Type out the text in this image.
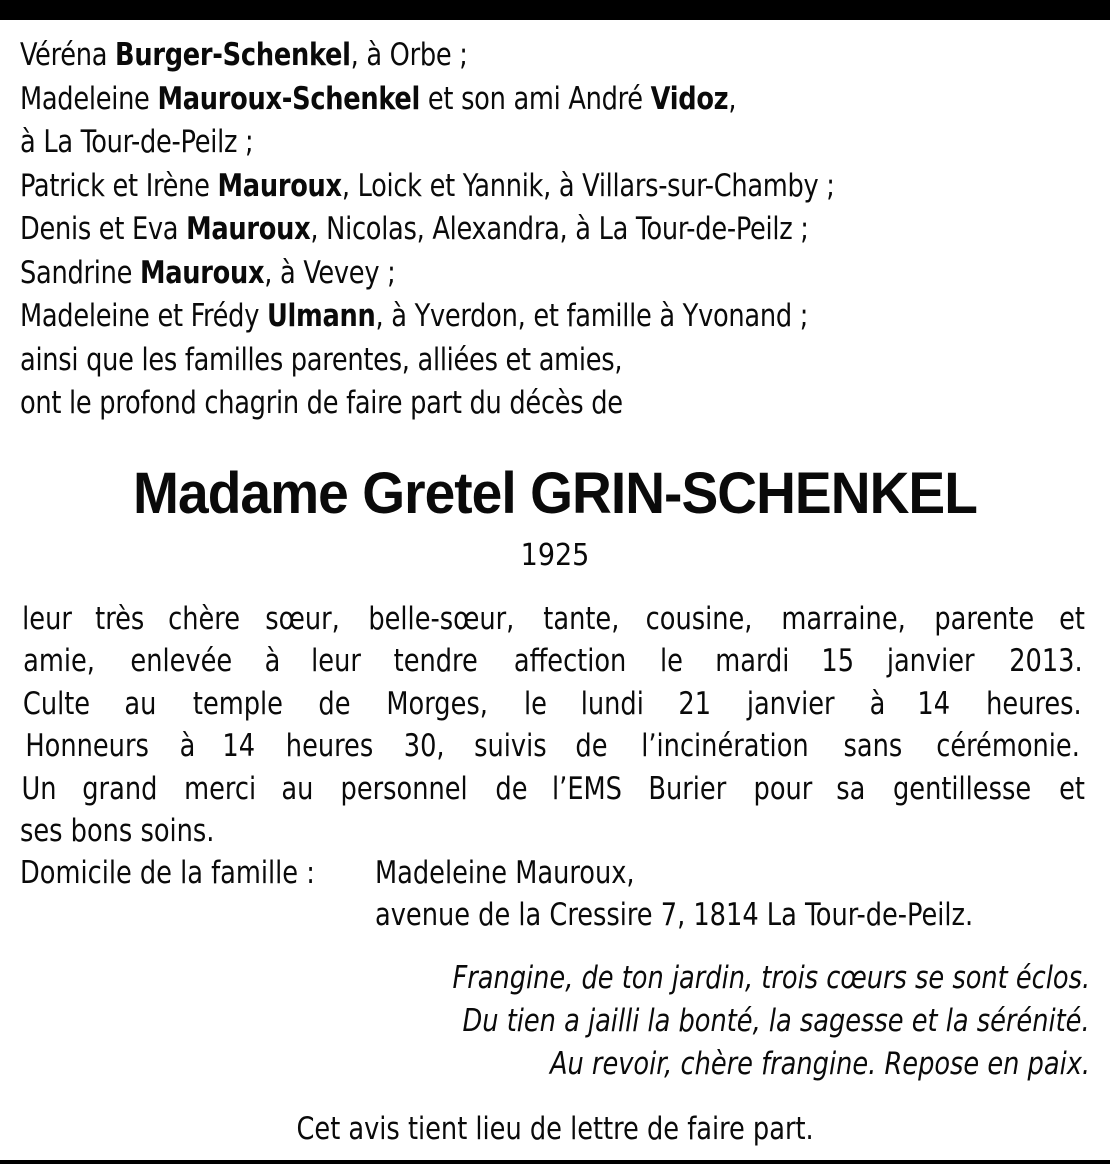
Véréna Burger-Schenkel, à Orbe ;
Madeleine Mauroux-Schenkel et son ami André Vidoz,
à La Tour-de-Peilz ;
Patrick et Irène Mauroux, Loick et Yannik, à Villars-sur-Chamby ;
Denis et Eva Mauroux, Nicolas, Alexandra, à La Tour-de-Peilz ;
Sandrine Mauroux, à Vevey ;
Madeleine et Frédy Ulmann, à Yverdon, et famille à Yvonand ;
ainsi que les familles parentes, alliées et amies,
ont le profond chagrin de faire part du décès de
Madame Gretel GRIN-SCHENKEL
1925
leur très chère sœur, belle-sœur, tante, cousine, marraine, parente et
amie, enlevée à leur tendre affection le mardi 15 janvier 2013.
Culte au temple de Morges, le lundi 21 janvier à 14 heures.
Honneurs à 14 heures 30, suivis de l’incinération sans cérémonie.
Un grand merci au personnel de l’EMS Burier pour sa gentillesse et
ses bons soins.
Domicile de la famille :	Madeleine Mauroux,
avenue de la Cressire 7, 1814 La Tour-de-Peilz.
Frangine, de ton jardin, trois cœurs se sont éclos.
Du tien a jailli la bonté, la sagesse et la sérénité.
Au revoir, chère frangine. Repose en paix.
Cet avis tient lieu de lettre de faire part.
